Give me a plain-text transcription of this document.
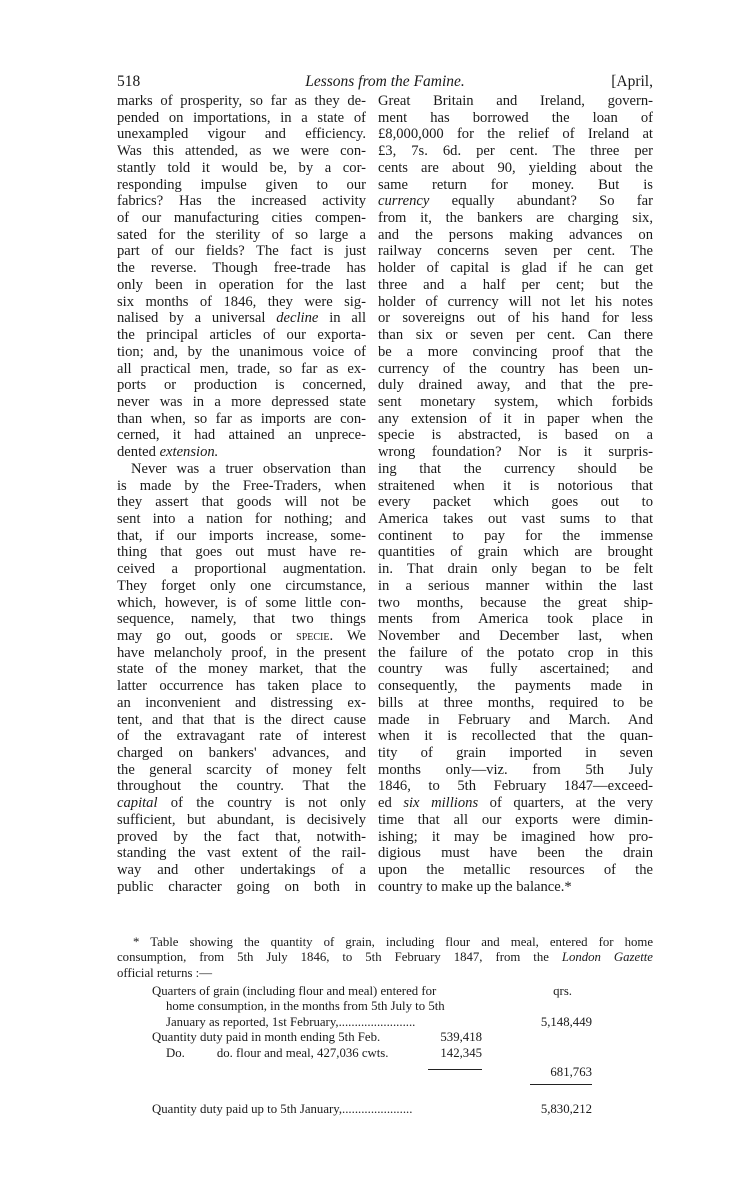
518	Lessons from the Famine.	[April,
marks of prosperity, so far as they de-
pended on importations, in a state of
unexampled vigour and efficiency.
Was this attended, as we were con-
stantly told it would be, by a cor-
responding impulse given to our
fabrics? Has the increased activity
of our manufacturing cities compen-
sated for the sterility of so large a
part of our fields? The fact is just
the reverse. Though free-trade has
only been in operation for the last
six months of 1846, they were sig-
nalised by a universal decline in all
the principal articles of our exporta-
tion; and, by the unanimous voice of
all practical men, trade, so far as ex-
ports or production is concerned,
never was in a more depressed state
than when, so far as imports are con-
cerned, it had attained an unprece-
dented extension.
Never was a truer observation than
is made by the Free-Traders, when
they assert that goods will not be
sent into a nation for nothing; and
that, if our imports increase, some-
thing that goes out must have re-
ceived a proportional augmentation.
They forget only one circumstance,
which, however, is of some little con-
sequence, namely, that two things
may go out, goods or specie. We
have melancholy proof, in the present
state of the money market, that the
latter occurrence has taken place to
an inconvenient and distressing ex-
tent, and that that is the direct cause
of the extravagant rate of interest
charged on bankers' advances, and
the general scarcity of money felt
throughout the country. That the
capital of the country is not only
sufficient, but abundant, is decisively
proved by the fact that, notwith-
standing the vast extent of the rail-
way and other undertakings of a
public character going on both in
Great Britain and Ireland, govern-
ment has borrowed the loan of
£8,000,000 for the relief of Ireland at
£3, 7s. 6d. per cent. The three per
cents are about 90, yielding about the
same return for money. But is
currency equally abundant? So far
from it, the bankers are charging six,
and the persons making advances on
railway concerns seven per cent. The
holder of capital is glad if he can get
three and a half per cent; but the
holder of currency will not let his notes
or sovereigns out of his hand for less
than six or seven per cent. Can there
be a more convincing proof that the
currency of the country has been un-
duly drained away, and that the pre-
sent monetary system, which forbids
any extension of it in paper when the
specie is abstracted, is based on a
wrong foundation? Nor is it surpris-
ing that the currency should be
straitened when it is notorious that
every packet which goes out to
America takes out vast sums to that
continent to pay for the immense
quantities of grain which are brought
in. That drain only began to be felt
in a serious manner within the last
two months, because the great ship-
ments from America took place in
November and December last, when
the failure of the potato crop in this
country was fully ascertained; and
consequently, the payments made in
bills at three months, required to be
made in February and March. And
when it is recollected that the quan-
tity of grain imported in seven
months only—viz. from 5th July
1846, to 5th February 1847—exceed-
ed six millions of quarters, at the very
time that all our exports were dimin-
ishing; it may be imagined how pro-
digious must have been the drain
upon the metallic resources of the
country to make up the balance.*
* Table showing the quantity of grain, including flour and meal, entered for home
consumption, from 5th July 1846, to 5th February 1847, from the London Gazette
official returns :—
Quarters of grain (including flour and meal) entered for	qrs.
home consumption, in the months from 5th July to 5th
January as reported, 1st February,........................	5,148,449
Quantity duty paid in month ending 5th Feb.	539,418
Do.          do. flour and meal, 427,036 cwts.	142,345
681,763
Quantity duty paid up to 5th January,......................	5,830,212
